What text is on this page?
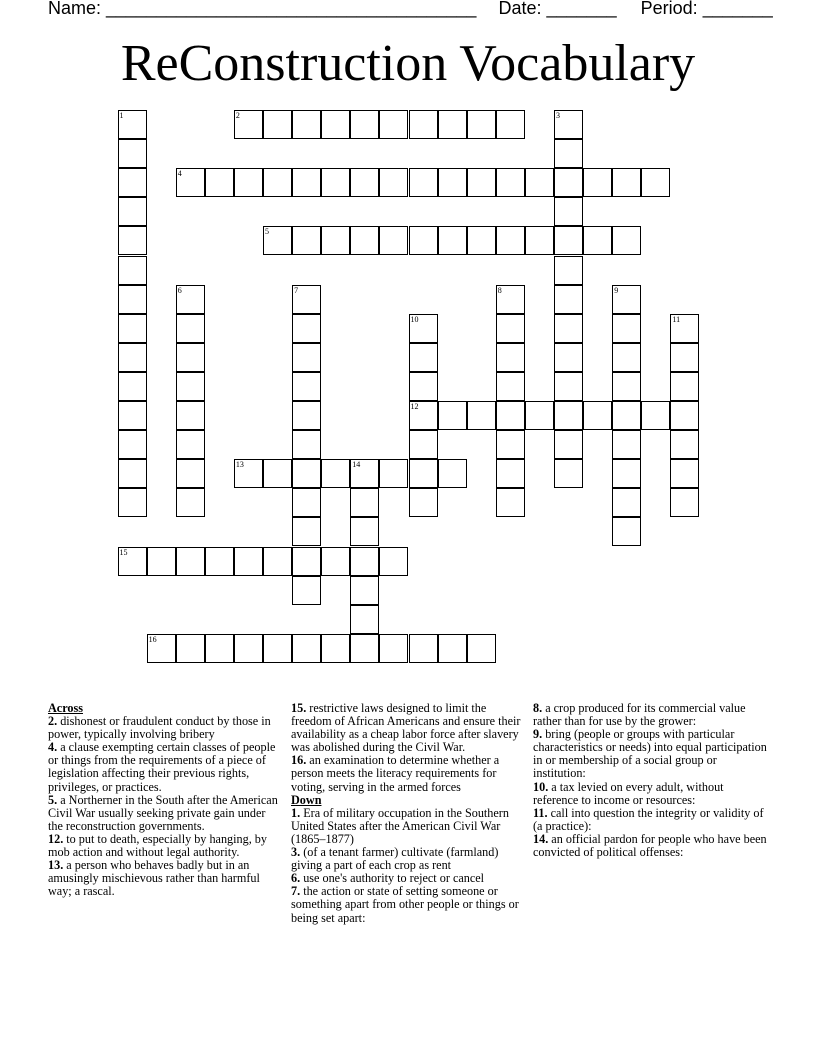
Name: _____________________________________ Date: _______ Period: _______
ReConstruction Vocabulary
1	2	3
4
5
6	7	8	9
10
12
11
13	14
15
16
Across
2. dishonest or fraudulent conduct by those in power, typically involving bribery
4. a clause exempting certain classes of people or things from the requirements of a piece of legislation affecting their previous rights, privileges, or practices.
5. a Northerner in the South after the American Civil War usually seeking private gain under the reconstruction governments.
12. to put to death, especially by hanging, by mob action and without legal authority.
13. a person who behaves badly but in an amusingly mischievous rather than harmful way; a rascal.
15. restrictive laws designed to limit the freedom of African Americans and ensure their availability as a cheap labor force after slavery was abolished during the Civil War.
16. an examination to determine whether a person meets the literacy requirements for voting, serving in the armed forces
Down
1. Era of military occupation in the Southern United States after the American Civil War (1865–1877)
3. (of a tenant farmer) cultivate (farmland) giving a part of each crop as rent
6. use one's authority to reject or cancel
7. the action or state of setting someone or something apart from other people or things or being set apart:
8. a crop produced for its commercial value rather than for use by the grower:
9. bring (people or groups with particular characteristics or needs) into equal participation in or membership of a social group or institution:
10. a tax levied on every adult, without reference to income or resources:
11. call into question the integrity or validity of (a practice):
14. an official pardon for people who have been convicted of political offenses:
